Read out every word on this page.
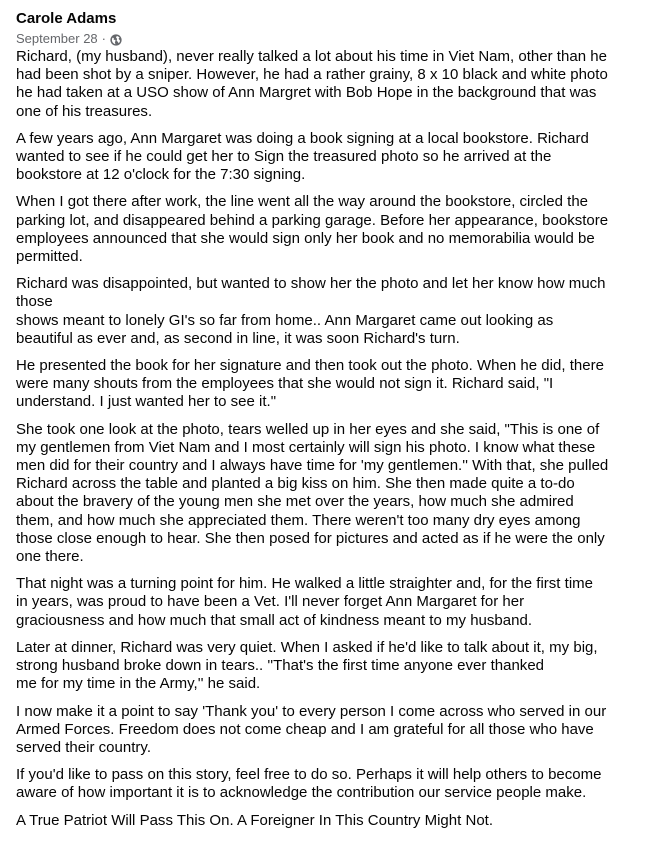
Carole Adams
September 28 ·

Richard, (my husband), never really talked a lot about his time in Viet Nam, other than he
had been shot by a sniper. However, he had a rather grainy, 8 x 10 black and white photo
he had taken at a USO show of Ann Margret with Bob Hope in the background that was
one of his treasures.

A few years ago, Ann Margaret was doing a book signing at a local bookstore. Richard
wanted to see if he could get her to Sign the treasured photo so he arrived at the
bookstore at 12 o'clock for the 7:30 signing.

When I got there after work, the line went all the way around the bookstore, circled the
parking lot, and disappeared behind a parking garage. Before her appearance, bookstore
employees announced that she would sign only her book and no memorabilia would be
permitted.

Richard was disappointed, but wanted to show her the photo and let her know how much
those
shows meant to lonely GI's so far from home.. Ann Margaret came out looking as
beautiful as ever and, as second in line, it was soon Richard's turn.

He presented the book for her signature and then took out the photo. When he did, there
were many shouts from the employees that she would not sign it. Richard said, "I
understand. I just wanted her to see it."

She took one look at the photo, tears welled up in her eyes and she said, "This is one of
my gentlemen from Viet Nam and I most certainly will sign his photo. I know what these
men did for their country and I always have time for 'my gentlemen.'' With that, she pulled
Richard across the table and planted a big kiss on him. She then made quite a to-do
about the bravery of the young men she met over the years, how much she admired
them, and how much she appreciated them. There weren't too many dry eyes among
those close enough to hear. She then posed for pictures and acted as if he were the only
one there.

That night was a turning point for him. He walked a little straighter and, for the first time
in years, was proud to have been a Vet. I'll never forget Ann Margaret for her
graciousness and how much that small act of kindness meant to my husband.

Later at dinner, Richard was very quiet. When I asked if he'd like to talk about it, my big,
strong husband broke down in tears.. ''That's the first time anyone ever thanked
me for my time in the Army,'' he said.

I now make it a point to say 'Thank you' to every person I come across who served in our
Armed Forces. Freedom does not come cheap and I am grateful for all those who have
served their country.

If you'd like to pass on this story, feel free to do so. Perhaps it will help others to become
aware of how important it is to acknowledge the contribution our service people make.

A True Patriot Will Pass This On. A Foreigner In This Country Might Not.
